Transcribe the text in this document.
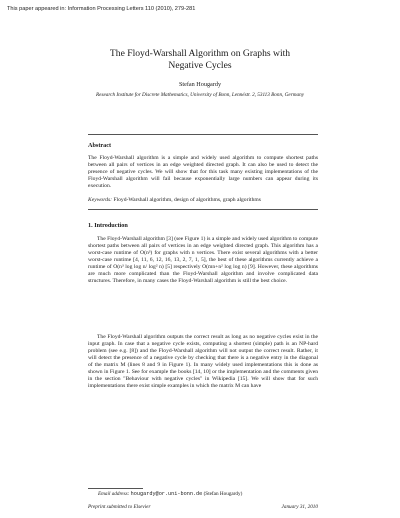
This paper appeared in: Information Processing Letters 110 (2010), 279-281
The Floyd-Warshall Algorithm on Graphs with
Negative Cycles
Stefan Hougardy
Research Institute for Discrete Mathematics, University of Bonn, Lennéstr. 2, 53113 Bonn, Germany
Abstract
The Floyd-Warshall algorithm is a simple and widely used algorithm to compute shortest paths between all pairs of vertices in an edge weighted directed graph. It can also be used to detect the presence of negative cycles. We will show that for this task many existing implementations of the Floyd-Warshall algorithm will fail because exponentially large numbers can appear during its execution.
Keywords: Floyd-Warshall algorithm, design of algorithms, graph algorithms
1. Introduction
The Floyd-Warshall algorithm [3] (see Figure 1) is a simple and widely used algorithm to compute shortest paths between all pairs of vertices in an edge weighted directed graph. This algorithm has a worst-case runtime of O(n³) for graphs with n vertices. There exist several algorithms with a better worst-case runtime [4, 11, 6, 12, 16, 13, 2, 7, 1, 5], the best of these algorithms currently achieve a runtime of O(n³ log log n/ log² n) [5] respectively O(mn+n² log log n) [9]. However, these algorithms are much more complicated than the Floyd-Warshall algorithm and involve complicated data structures. Therefore, in many cases the Floyd-Warshall algorithm is still the best choice.
The Floyd-Warshall algorithm outputs the correct result as long as no negative cycles exist in the input graph. In case that a negative cycle exists, computing a shortest (simple) path is an NP-hard problem (see e.g. [8]) and the Floyd-Warshall algorithm will not output the correct result. Rather, it will detect the presence of a negative cycle by checking that there is a negative entry in the diagonal of the matrix M (lines 8 and 9 in Figure 1). In many widely used implementations this is done as shown in Figure 1. See for example the books [14, 10] or the implementation and the comments given in the section "Behaviour with negative cycles" in Wikipedia [15]. We will show that for such implementations there exist simple examples in which the matrix M can have
Email address: hougardy@or.uni-bonn.de (Stefan Hougardy)
Preprint submitted to Elsevier	January 31, 2010
